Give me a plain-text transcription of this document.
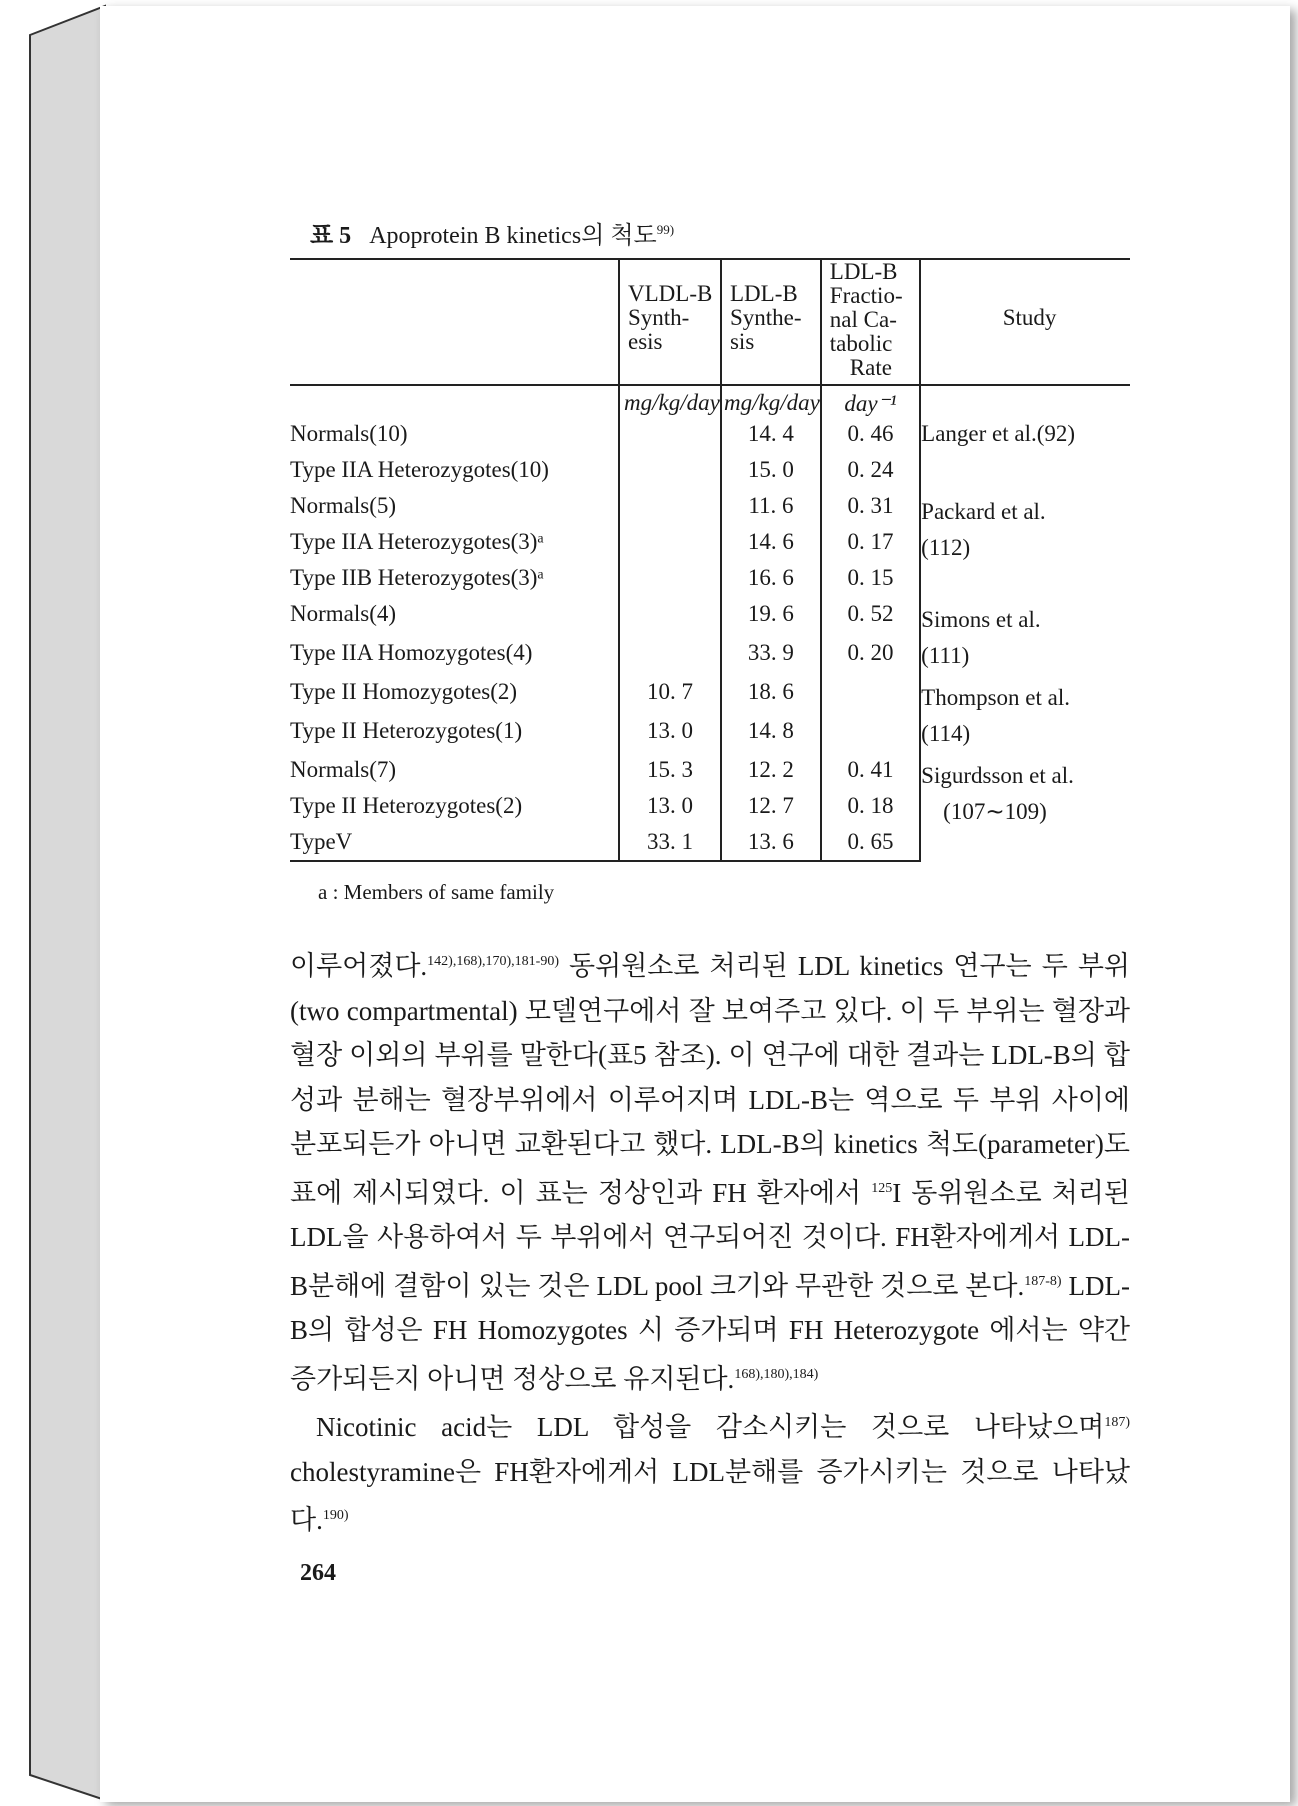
표 5 Apoprotein B kinetics의 척도$^{99)}$

	VLDL-B
Synth-
esis	LDL-B
Synthe-
sis	LDL-B
Fractio-
nal Ca-
tabolic
Rate	Study

	mg/kg/day	mg/kg/day	day⁻¹	
Normals(10)		14. 4	0. 46	Langer et al.(92)
Type IIA Heterozygotes(10)		15. 0	0. 24	
Normals(5)		11. 6	0. 31	Packard et al.
(112)

Type IIA Heterozygotes(3)ᵃ		14. 6	0. 17	
Type IIB Heterozygotes(3)ᵃ		16. 6	0. 15	
Normals(4)		19. 6	0. 52	Simons et al.
(111)

Type IIA Homozygotes(4)		33. 9	0. 20	
Type II Homozygotes(2)	10. 7	18. 6		Thompson et al.
(114)

Type II Heterozygotes(1)	13. 0	14. 8		
Normals(7)	15. 3	12. 2	0. 41	Sigurdsson et al.
(107∼109)

Type II Heterozygotes(2)	13. 0	12. 7	0. 18	
TypeV	33. 1	13. 6	0. 65	
a : Members of same family

이루어졌다.$^{142),168),170),181-90)}$ 동위원소로 처리된 LDL kinetics 연구는 두 부위(two compartmental) 모델연구에서 잘 보여주고 있다. 이 두 부위는 혈장과 혈장 이외의 부위를 말한다(표5 참조). 이 연구에 대한 결과는 LDL-B의 합성과 분해는 혈장부위에서 이루어지며 LDL-B는 역으로 두 부위 사이에 분포되든가 아니면 교환된다고 했다. LDL-B의 kinetics 척도(parameter)도 표에 제시되였다. 이 표는 정상인과 FH 환자에서 $^{125}$I 동위원소로 처리된 LDL을 사용하여서 두 부위에서 연구되어진 것이다. FH환자에게서 LDL-B분해에 결함이 있는 것은 LDL pool 크기와 무관한 것으로 본다.$^{187-8)}$ LDL-B의 합성은 FH Homozygotes 시 증가되며 FH Heterozygote 에서는 약간 증가되든지 아니면 정상으로 유지된다.$^{168),180),184)}$

Nicotinic acid는 LDL 합성을 감소시키는 것으로 나타났으며$^{187)}$ cholestyramine은 FH환자에게서 LDL분해를 증가시키는 것으로 나타났다.$^{190)}$

264
